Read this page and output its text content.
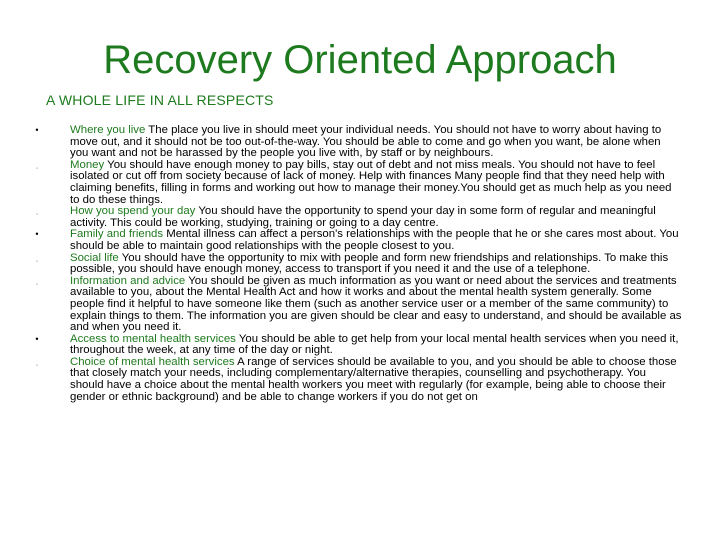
Recovery Oriented Approach
A WHOLE LIFE IN ALL RESPECTS
•	Where you live The place you live in should meet your individual needs. You should not have to worry about having to move out, and it should not be too out-of-the-way. You should be able to come and go when you want, be alone when you want and not be harassed by the people you live with, by staff or by neighbours.
·	Money You should have enough money to pay bills, stay out of debt and not miss meals. You should not have to feel isolated or cut off from society because of lack of money. Help with finances Many people find that they need help with claiming benefits, filling in forms and working out how to manage their money.You should get as much help as you need to do these things.
·	How you spend your day You should have the opportunity to spend your day in some form of regular and meaningful activity. This could be working, studying, training or going to a day centre.
•	Family and friends Mental illness can affect a person's relationships with the people that he or she cares most about. You should be able to maintain good relationships with the people closest to you.
·	Social life You should have the opportunity to mix with people and form new friendships and relationships. To make this possible, you should have enough money, access to transport if you need it and the use of a telephone.
·	Information and advice You should be given as much information as you want or need about the services and treatments available to you, about the Mental Health Act and how it works and about the mental health system generally. Some people find it helpful to have someone like them (such as another service user or a member of the same community) to explain things to them. The information you are given should be clear and easy to understand, and should be available as and when you need it.
•	Access to mental health services You should be able to get help from your local mental health services when you need it, throughout the week, at any time of the day or night.
·	Choice of mental health services A range of services should be available to you, and you should be able to choose those that closely match your needs, including complementary/alternative therapies, counselling and psychotherapy. You should have a choice about the mental health workers you meet with regularly (for example, being able to choose their gender or ethnic background) and be able to change workers if you do not get on
